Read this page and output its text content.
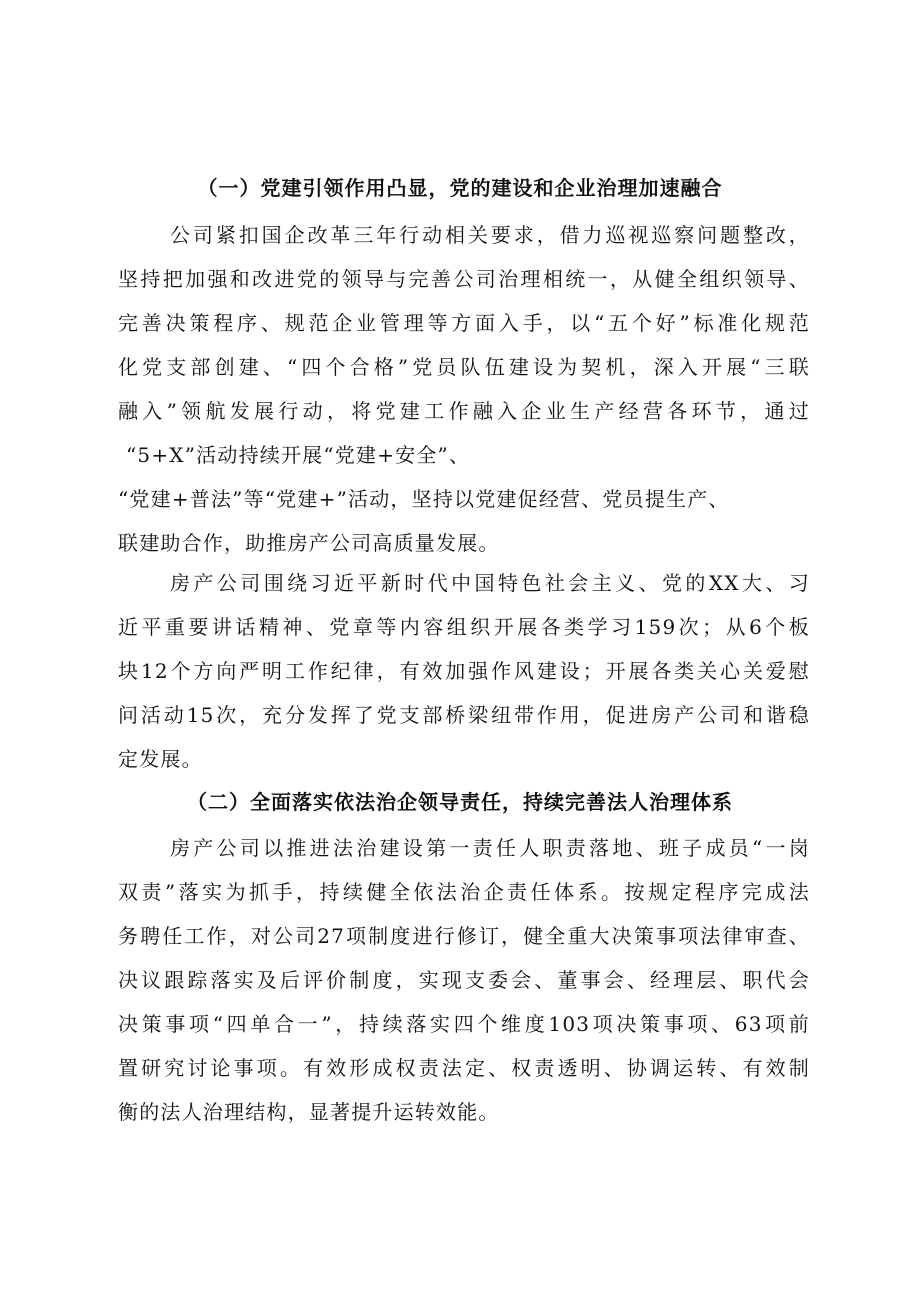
（一）党建引领作用凸显，党的建设和企业治理加速融合
公司紧扣国企改革三年行动相关要求，借力巡视巡察问题整改，
坚持把加强和改进党的领导与完善公司治理相统一，从健全组织领导、
完善决策程序、规范企业管理等方面入手，以“五个好”标准化规范
化党支部创建、“四个合格”党员队伍建设为契机，深入开展“三联
融入”领航发展行动，将党建工作融入企业生产经营各环节，通过
“5+X”活动持续开展“党建+安全”、
“党建+普法”等“党建+”活动，坚持以党建促经营、党员提生产、
联建助合作，助推房产公司高质量发展。
房产公司围绕习近平新时代中国特色社会主义、党的XX大、习
近平重要讲话精神、党章等内容组织开展各类学习159次；从6个板
块12个方向严明工作纪律，有效加强作风建设；开展各类关心关爱慰
问活动15次，充分发挥了党支部桥梁纽带作用，促进房产公司和谐稳
定发展。
（二）全面落实依法治企领导责任，持续完善法人治理体系
房产公司以推进法治建设第一责任人职责落地、班子成员“一岗
双责”落实为抓手，持续健全依法治企责任体系。按规定程序完成法
务聘任工作，对公司27项制度进行修订，健全重大决策事项法律审查、
决议跟踪落实及后评价制度，实现支委会、董事会、经理层、职代会
决策事项“四单合一”，持续落实四个维度103项决策事项、63项前
置研究讨论事项。有效形成权责法定、权责透明、协调运转、有效制
衡的法人治理结构，显著提升运转效能。
